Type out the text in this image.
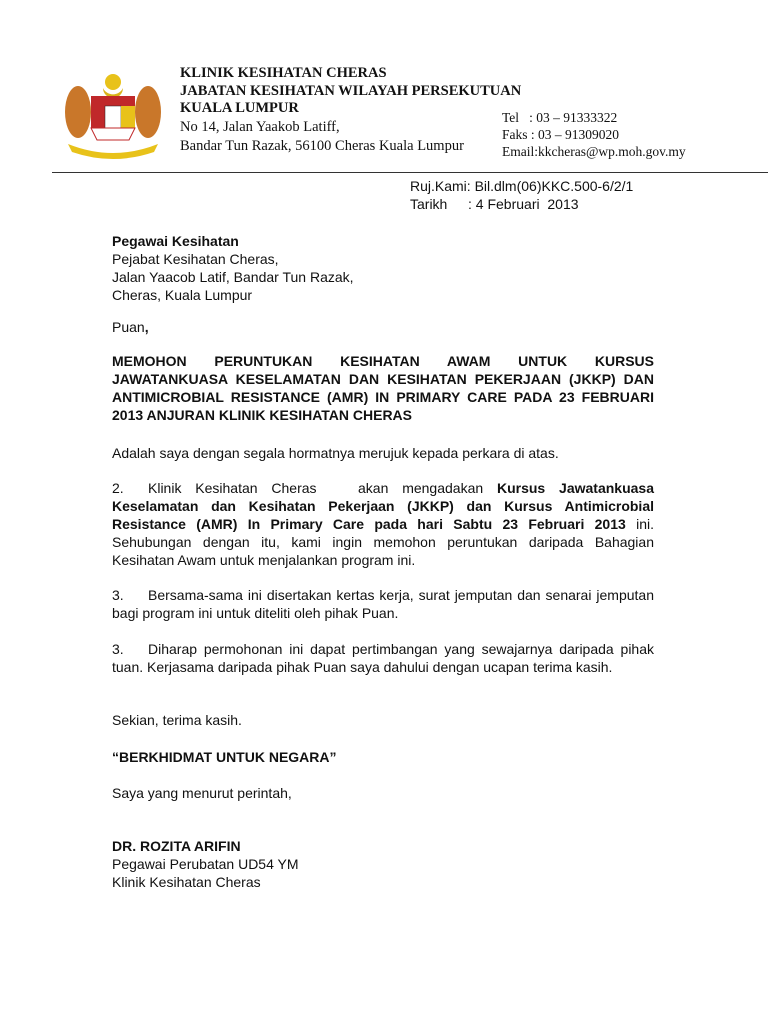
KLINIK KESIHATAN CHERAS
JABATAN KESIHATAN WILAYAH PERSEKUTUAN
KUALA LUMPUR
No 14, Jalan Yaakob Latiff,
Bandar Tun Razak, 56100 Cheras Kuala Lumpur
Tel   : 03 – 91333322
Faks : 03 – 91309020
Email:kkcheras@wp.moh.gov.my
Ruj.Kami: Bil.dlm(06)KKC.500-6/2/1
Tarikh : 4 Februari  2013
Pegawai Kesihatan
Pejabat Kesihatan Cheras,
Jalan Yaacob Latif, Bandar Tun Razak,
Cheras, Kuala Lumpur
Puan,
MEMOHON PERUNTUKAN KESIHATAN AWAM UNTUK KURSUS JAWATANKUASA KESELAMATAN DAN KESIHATAN PEKERJAAN (JKKP) DAN ANTIMICROBIAL RESISTANCE (AMR) IN PRIMARY CARE PADA 23 FEBRUARI 2013 ANJURAN KLINIK KESIHATAN CHERAS
Adalah saya dengan segala hormatnya merujuk kepada perkara di atas.
2. Klinik Kesihatan Cheras   akan mengadakan Kursus Jawatankuasa Keselamatan dan Kesihatan Pekerjaan (JKKP) dan Kursus Antimicrobial Resistance (AMR) In Primary Care pada hari Sabtu 23 Februari 2013 ini. Sehubungan dengan itu, kami ingin memohon peruntukan daripada Bahagian Kesihatan Awam untuk menjalankan program ini.
3. Bersama-sama ini disertakan kertas kerja, surat jemputan dan senarai jemputan bagi program ini untuk diteliti oleh pihak Puan.
3. Diharap permohonan ini dapat pertimbangan yang sewajarnya daripada pihak tuan. Kerjasama daripada pihak Puan saya dahului dengan ucapan terima kasih.
Sekian, terima kasih.
“BERKHIDMAT UNTUK NEGARA”
Saya yang menurut perintah,
DR. ROZITA ARIFIN
Pegawai Perubatan UD54 YM
Klinik Kesihatan Cheras
